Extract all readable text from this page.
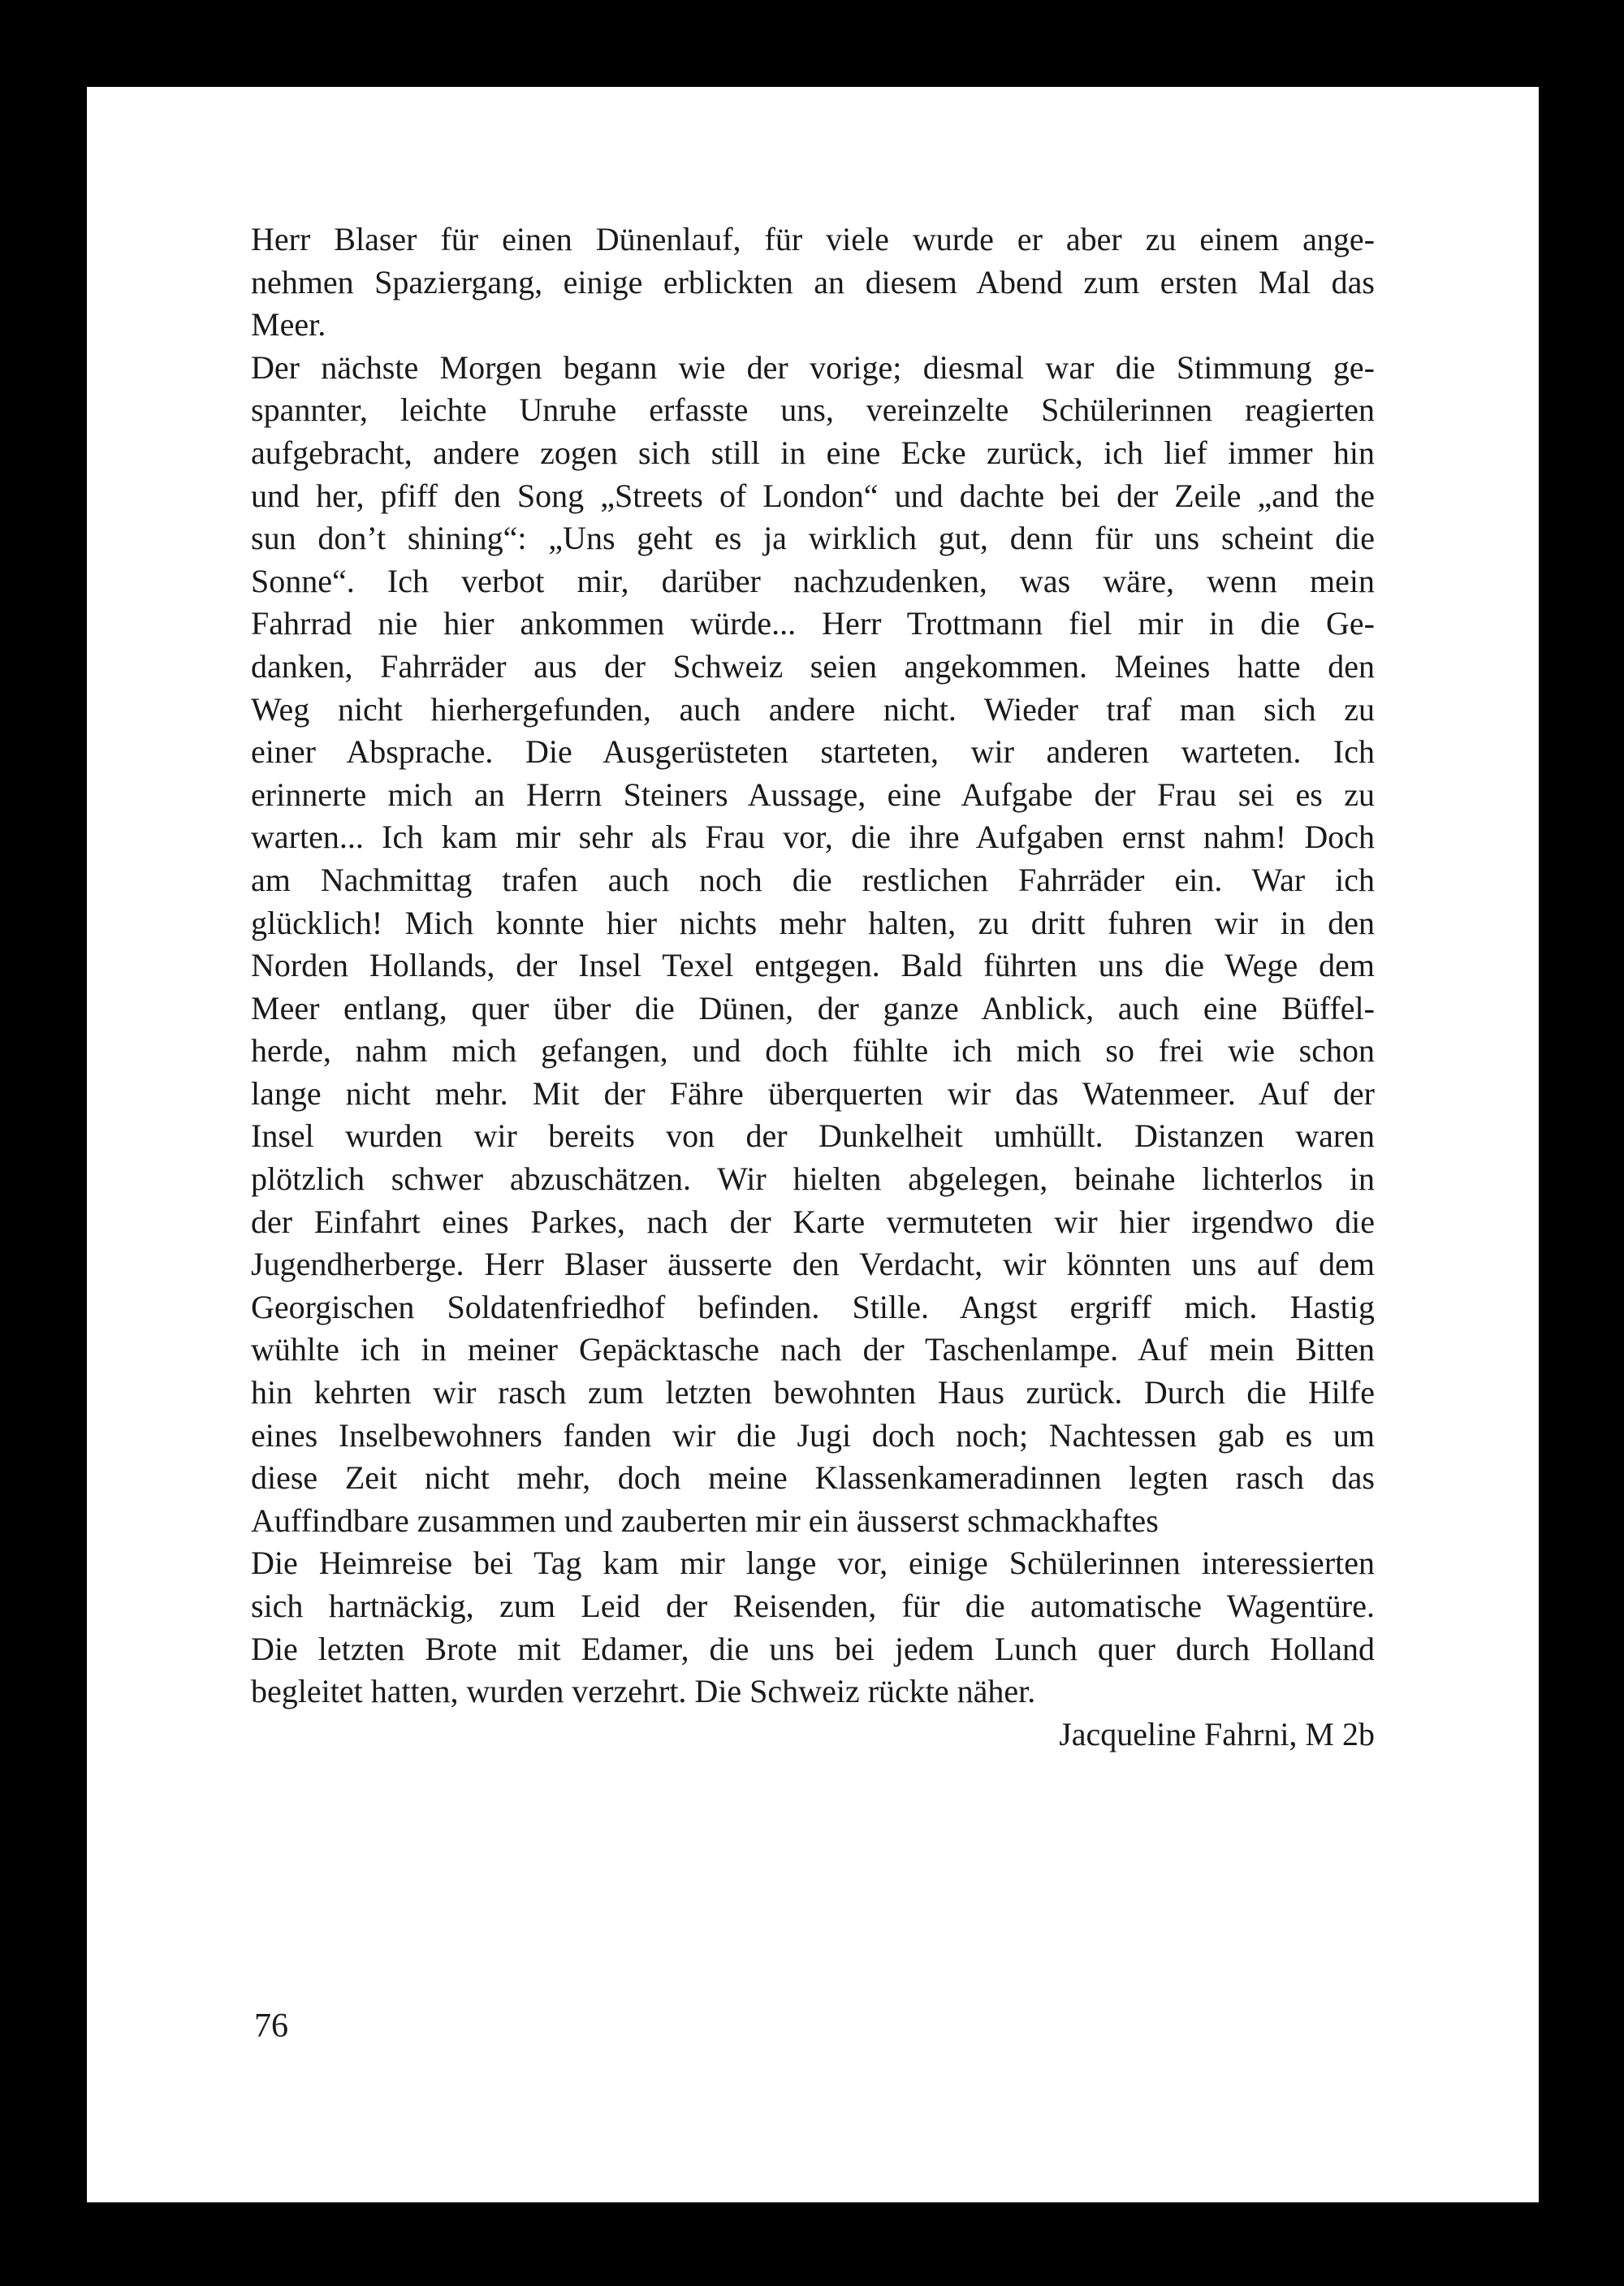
Herr Blaser für einen Dünenlauf, für viele wurde er aber zu einem ange-
nehmen Spaziergang, einige erblickten an diesem Abend zum ersten Mal das
Meer.
Der nächste Morgen begann wie der vorige; diesmal war die Stimmung ge-
spannter, leichte Unruhe erfasste uns, vereinzelte Schülerinnen reagierten
aufgebracht, andere zogen sich still in eine Ecke zurück, ich lief immer hin
und her, pfiff den Song „Streets of London“ und dachte bei der Zeile „and the
sun don’t shining“: „Uns geht es ja wirklich gut, denn für uns scheint die
Sonne“. Ich verbot mir, darüber nachzudenken, was wäre, wenn mein
Fahrrad nie hier ankommen würde... Herr Trottmann fiel mir in die Ge-
danken, Fahrräder aus der Schweiz seien angekommen. Meines hatte den
Weg nicht hierhergefunden, auch andere nicht. Wieder traf man sich zu
einer Absprache. Die Ausgerüsteten starteten, wir anderen warteten. Ich
erinnerte mich an Herrn Steiners Aussage, eine Aufgabe der Frau sei es zu
warten... Ich kam mir sehr als Frau vor, die ihre Aufgaben ernst nahm! Doch
am Nachmittag trafen auch noch die restlichen Fahrräder ein. War ich
glücklich! Mich konnte hier nichts mehr halten, zu dritt fuhren wir in den
Norden Hollands, der Insel Texel entgegen. Bald führten uns die Wege dem
Meer entlang, quer über die Dünen, der ganze Anblick, auch eine Büffel-
herde, nahm mich gefangen, und doch fühlte ich mich so frei wie schon
lange nicht mehr. Mit der Fähre überquerten wir das Watenmeer. Auf der
Insel wurden wir bereits von der Dunkelheit umhüllt. Distanzen waren
plötzlich schwer abzuschätzen. Wir hielten abgelegen, beinahe lichterlos in
der Einfahrt eines Parkes, nach der Karte vermuteten wir hier irgendwo die
Jugendherberge. Herr Blaser äusserte den Verdacht, wir könnten uns auf dem
Georgischen Soldatenfriedhof befinden. Stille. Angst ergriff mich. Hastig
wühlte ich in meiner Gepäcktasche nach der Taschenlampe. Auf mein Bitten
hin kehrten wir rasch zum letzten bewohnten Haus zurück. Durch die Hilfe
eines Inselbewohners fanden wir die Jugi doch noch; Nachtessen gab es um
diese Zeit nicht mehr, doch meine Klassenkameradinnen legten rasch das
Auffindbare zusammen und zauberten mir ein äusserst schmackhaftes
Die Heimreise bei Tag kam mir lange vor, einige Schülerinnen interessierten
sich hartnäckig, zum Leid der Reisenden, für die automatische Wagentüre.
Die letzten Brote mit Edamer, die uns bei jedem Lunch quer durch Holland
begleitet hatten, wurden verzehrt. Die Schweiz rückte näher.
Jacqueline Fahrni, M 2b
76
